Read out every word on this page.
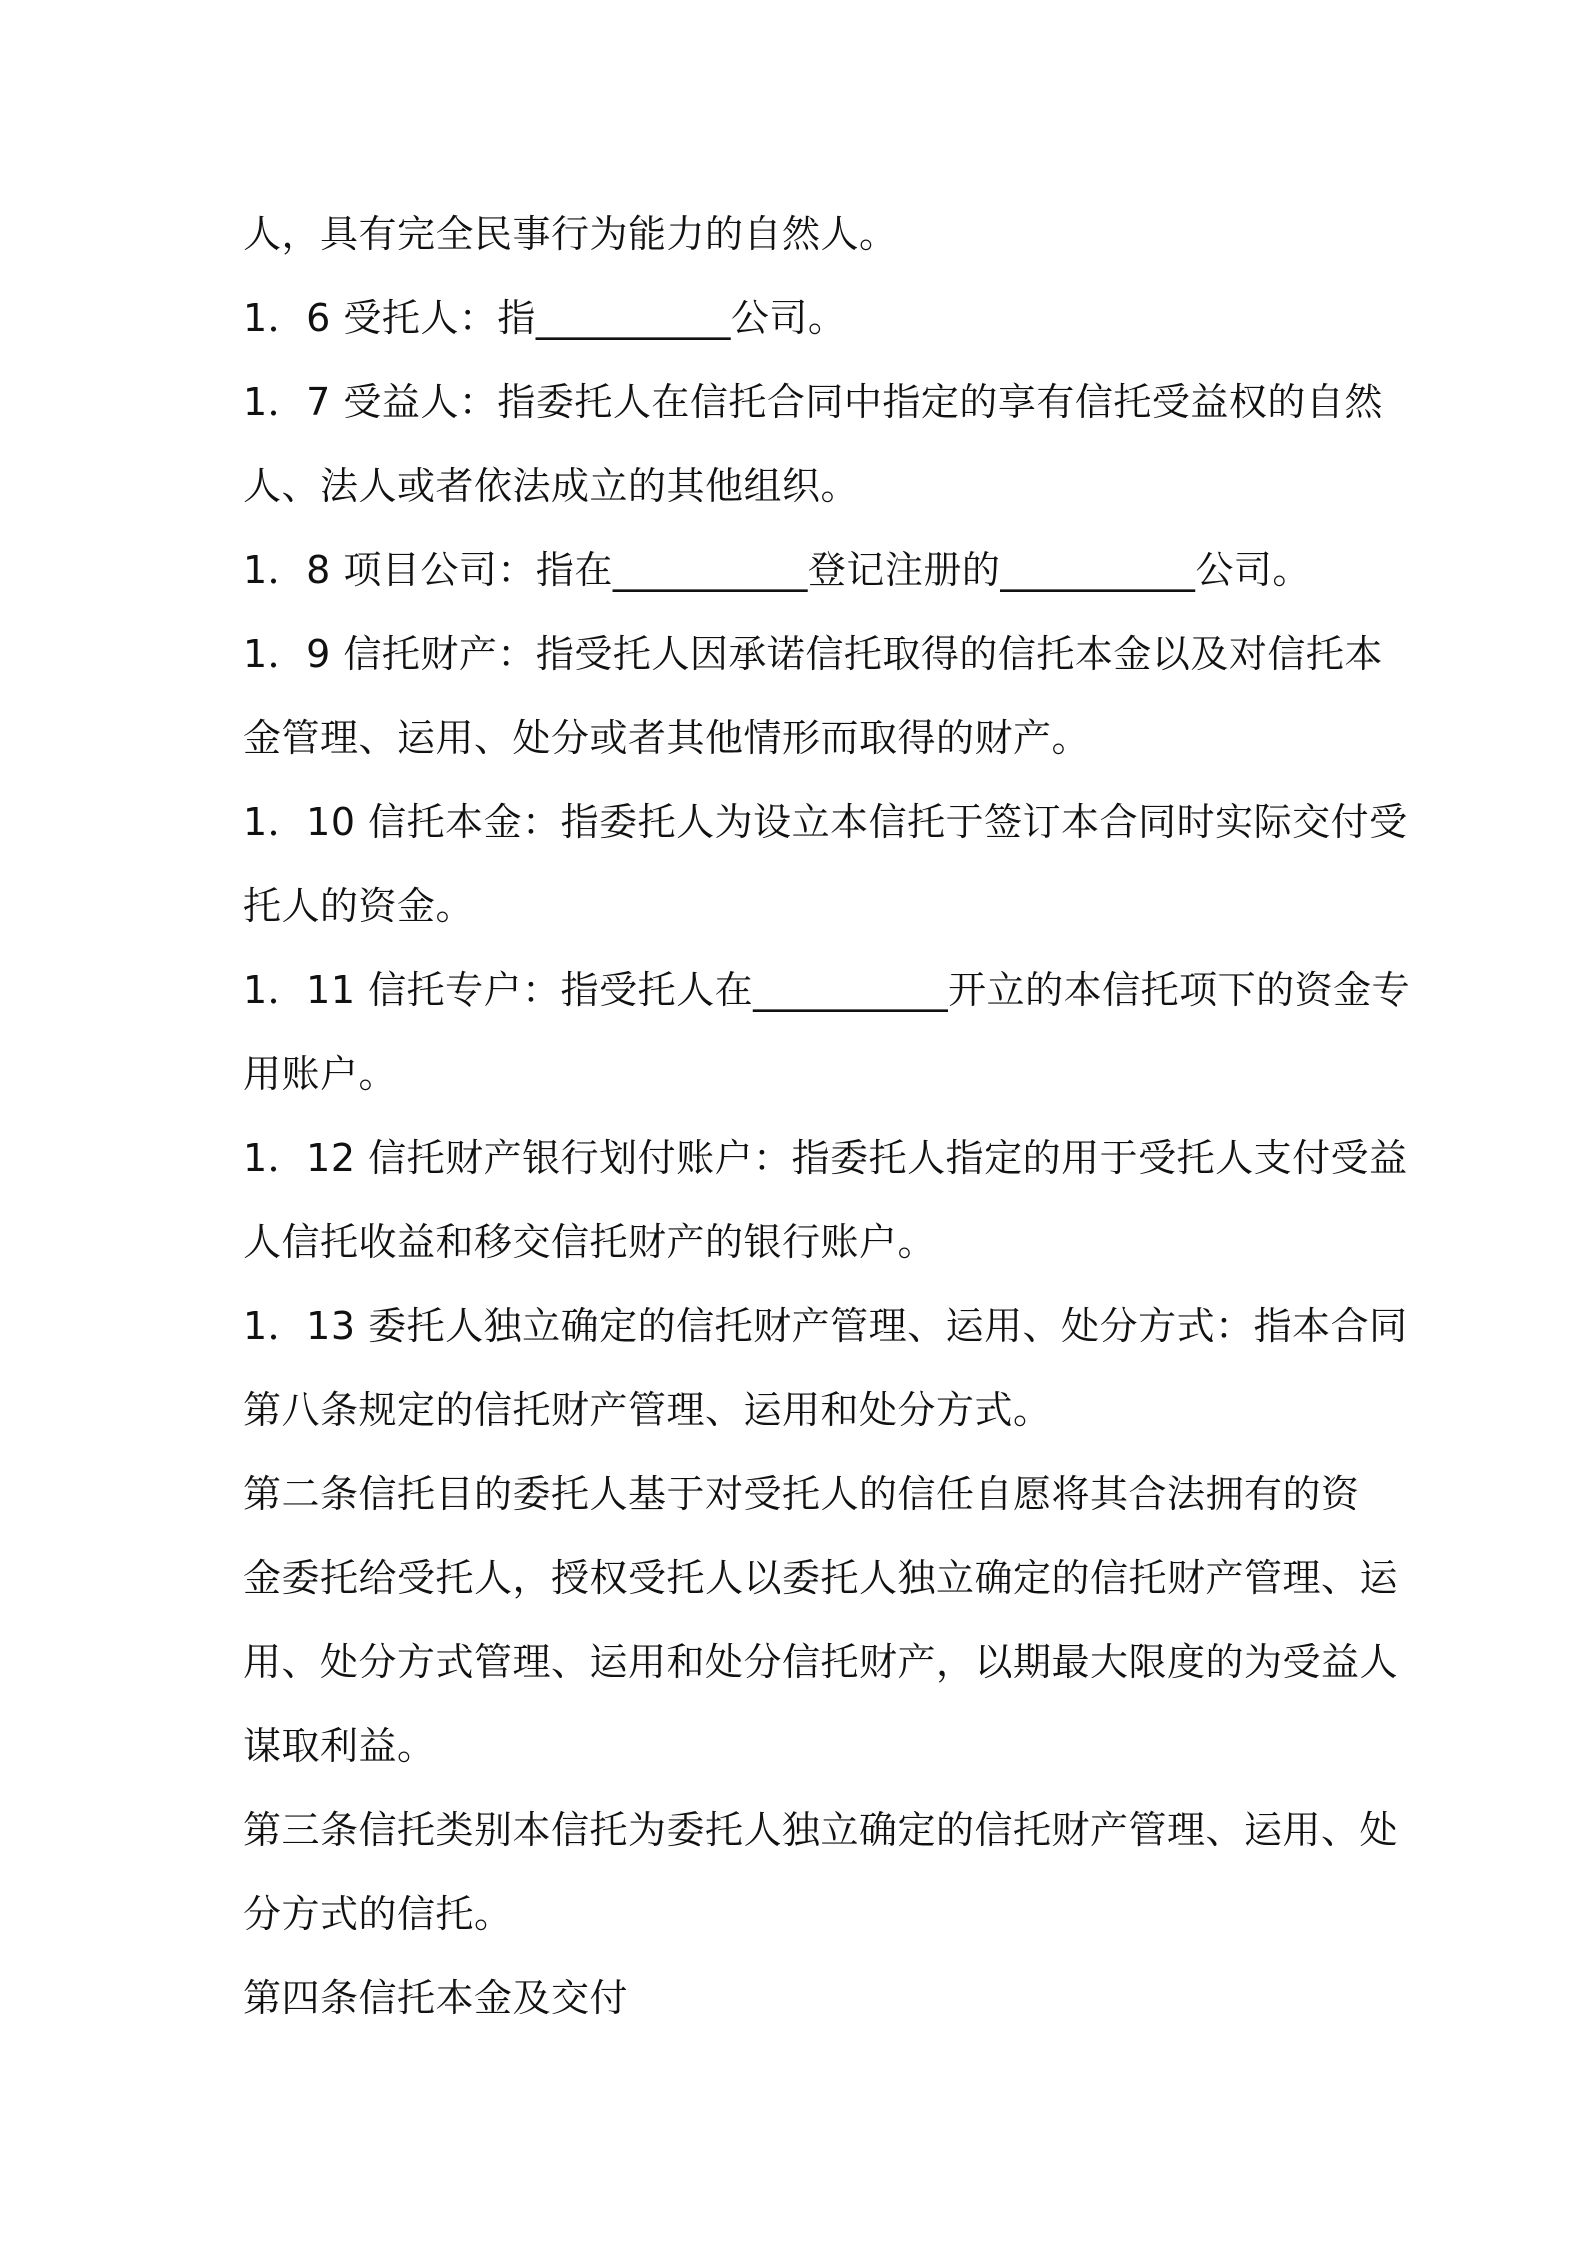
人，具有完全民事行为能力的自然人。
1．6 受托人：指__________公司。
1．7 受益人：指委托人在信托合同中指定的享有信托受益权的自然
人、法人或者依法成立的其他组织。
1．8 项目公司：指在__________登记注册的__________公司。
1．9 信托财产：指受托人因承诺信托取得的信托本金以及对信托本
金管理、运用、处分或者其他情形而取得的财产。
1．10 信托本金：指委托人为设立本信托于签订本合同时实际交付受
托人的资金。
1．11 信托专户：指受托人在__________开立的本信托项下的资金专
用账户。
1．12 信托财产银行划付账户：指委托人指定的用于受托人支付受益
人信托收益和移交信托财产的银行账户。
1．13 委托人独立确定的信托财产管理、运用、处分方式：指本合同
第八条规定的信托财产管理、运用和处分方式。
第二条信托目的委托人基于对受托人的信任自愿将其合法拥有的资
金委托给受托人，授权受托人以委托人独立确定的信托财产管理、运
用、处分方式管理、运用和处分信托财产，以期最大限度的为受益人
谋取利益。
第三条信托类别本信托为委托人独立确定的信托财产管理、运用、处
分方式的信托。
第四条信托本金及交付
